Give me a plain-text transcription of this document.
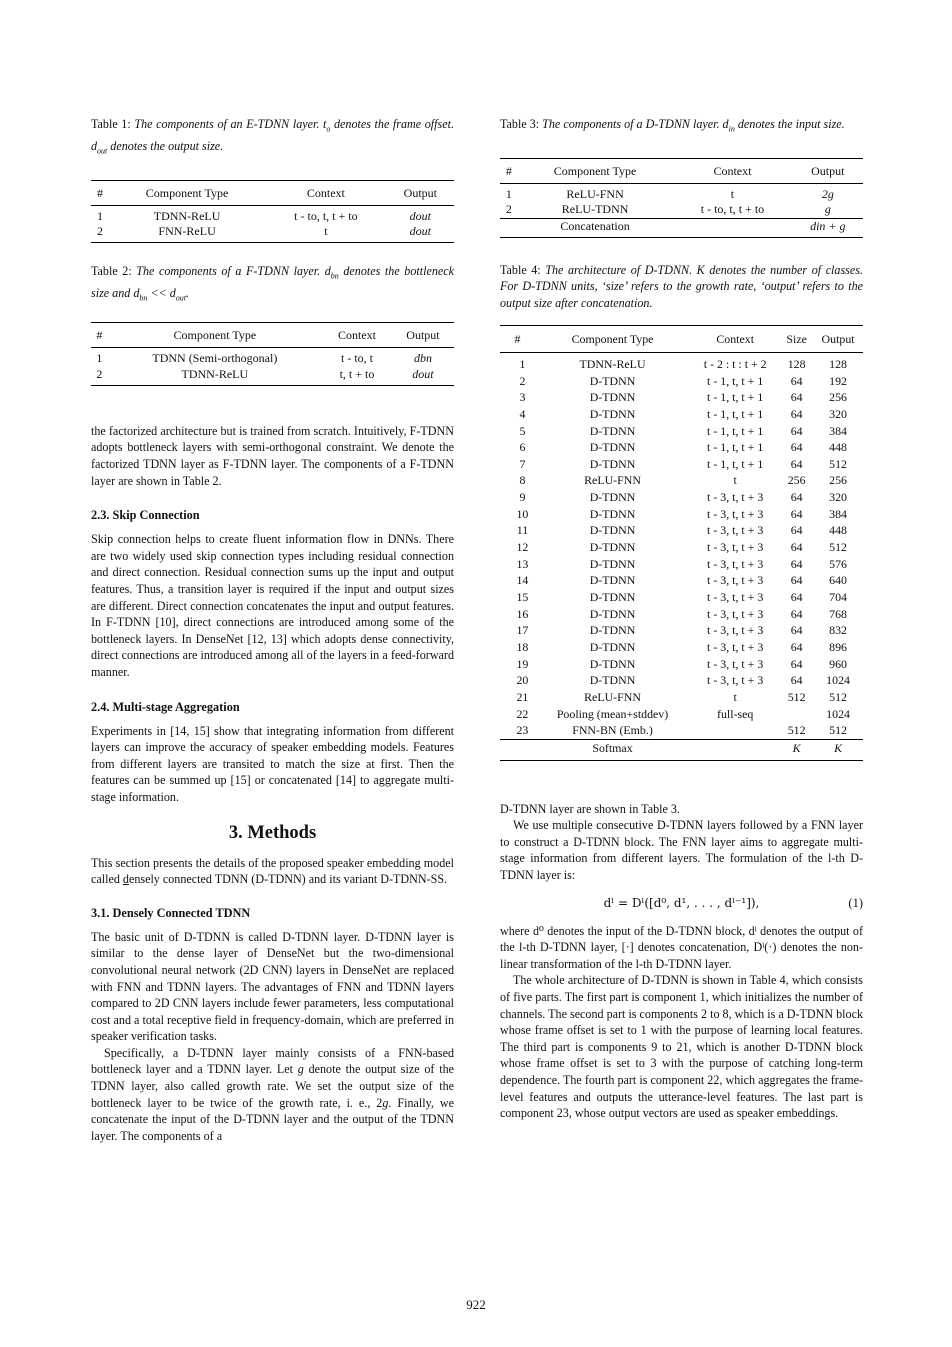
Table 1: The components of an E-TDNN layer. $t_o$ denotes the frame offset. $d_{out}$ denotes the output size.

#	Component Type	Context	Output
1	TDNN-ReLU	t - to, t, t + to	dout
2	FNN-ReLU	t	dout

Table 2: The components of a F-TDNN layer. $d_{bn}$ denotes the bottleneck size and $d_{bn} << d_{out}$.

#	Component Type	Context	Output
1	TDNN (Semi-orthogonal)	t - to, t	dbn
2	TDNN-ReLU	t, t + to	dout

the factorized architecture but is trained from scratch. Intuitively, F-TDNN adopts bottleneck layers with semi-orthogonal constraint. We denote the factorized TDNN layer as F-TDNN layer. The components of a F-TDNN layer are shown in Table 2.

2.3. Skip Connection

Skip connection helps to create fluent information flow in DNNs. There are two widely used skip connection types including residual connection and direct connection. Residual connection sums up the input and output features. Thus, a transition layer is required if the input and output sizes are different. Direct connection concatenates the input and output features. In F-TDNN [10], direct connections are introduced among some of the bottleneck layers. In DenseNet [12, 13] which adopts dense connectivity, direct connections are introduced among all of the layers in a feed-forward manner.

2.4. Multi-stage Aggregation

Experiments in [14, 15] show that integrating information from different layers can improve the accuracy of speaker embedding models. Features from different layers are transited to match the size at first. Then the features can be summed up [15] or concatenated [14] to aggregate multi-stage information.

3. Methods

This section presents the details of the proposed speaker embedding model called densely connected TDNN (D-TDNN) and its variant D-TDNN-SS.

3.1. Densely Connected TDNN

The basic unit of D-TDNN is called D-TDNN layer. D-TDNN layer is similar to the dense layer of DenseNet but the two-dimensional convolutional neural network (2D CNN) layers in DenseNet are replaced with FNN and TDNN layers. The advantages of FNN and TDNN layers compared to 2D CNN layers include fewer parameters, less computational cost and a total receptive field in frequency-domain, which are preferred in speaker verification tasks.

Specifically, a D-TDNN layer mainly consists of a FNN-based bottleneck layer and a TDNN layer. Let g denote the output size of the TDNN layer, also called growth rate. We set the output size of the bottleneck layer to be twice of the growth rate, i. e., 2g. Finally, we concatenate the input of the D-TDNN layer and the output of the TDNN layer. The components of a

Table 3: The components of a D-TDNN layer. $d_{in}$ denotes the input size.

#	Component Type	Context	Output
1	ReLU-FNN	t	2g
2	ReLU-TDNN	t - to, t, t + to	g
	Concatenation		din + g

Table 4: The architecture of D-TDNN. K denotes the number of classes. For D-TDNN units, ‘size’ refers to the growth rate, ‘output’ refers to the output size after concatenation.

#	Component Type	Context	Size	Output
1	TDNN-ReLU	t - 2 : t : t + 2	128	128
2	D-TDNN	t - 1, t, t + 1	64	192
3	D-TDNN	t - 1, t, t + 1	64	256
4	D-TDNN	t - 1, t, t + 1	64	320
5	D-TDNN	t - 1, t, t + 1	64	384
6	D-TDNN	t - 1, t, t + 1	64	448
7	D-TDNN	t - 1, t, t + 1	64	512
8	ReLU-FNN	t	256	256
9	D-TDNN	t - 3, t, t + 3	64	320
10	D-TDNN	t - 3, t, t + 3	64	384
11	D-TDNN	t - 3, t, t + 3	64	448
12	D-TDNN	t - 3, t, t + 3	64	512
13	D-TDNN	t - 3, t, t + 3	64	576
14	D-TDNN	t - 3, t, t + 3	64	640
15	D-TDNN	t - 3, t, t + 3	64	704
16	D-TDNN	t - 3, t, t + 3	64	768
17	D-TDNN	t - 3, t, t + 3	64	832
18	D-TDNN	t - 3, t, t + 3	64	896
19	D-TDNN	t - 3, t, t + 3	64	960
20	D-TDNN	t - 3, t, t + 3	64	1024
21	ReLU-FNN	t	512	512
22	Pooling (mean+stddev)	full-seq		1024
23	FNN-BN (Emb.)		512	512
	Softmax		K	K

D-TDNN layer are shown in Table 3.

We use multiple consecutive D-TDNN layers followed by a FNN layer to construct a D-TDNN block. The FNN layer aims to aggregate multi-stage information from different layers. The formulation of the l-th D-TDNN layer is:

dˡ = Dˡ([d⁰, d¹, . . . , dˡ⁻¹]),	(1)

where d⁰ denotes the input of the D-TDNN block, dˡ denotes the output of the l-th D-TDNN layer, [·] denotes concatenation, Dˡ(·) denotes the non-linear transformation of the l-th D-TDNN layer.

The whole architecture of D-TDNN is shown in Table 4, which consists of five parts. The first part is component 1, which initializes the number of channels. The second part is components 2 to 8, which is a D-TDNN block whose frame offset is set to 1 with the purpose of learning local features. The third part is components 9 to 21, which is another D-TDNN block whose frame offset is set to 3 with the purpose of catching long-term dependence. The fourth part is component 22, which aggregates the frame-level features and outputs the utterance-level features. The last part is component 23, whose output vectors are used as speaker embeddings.

922
